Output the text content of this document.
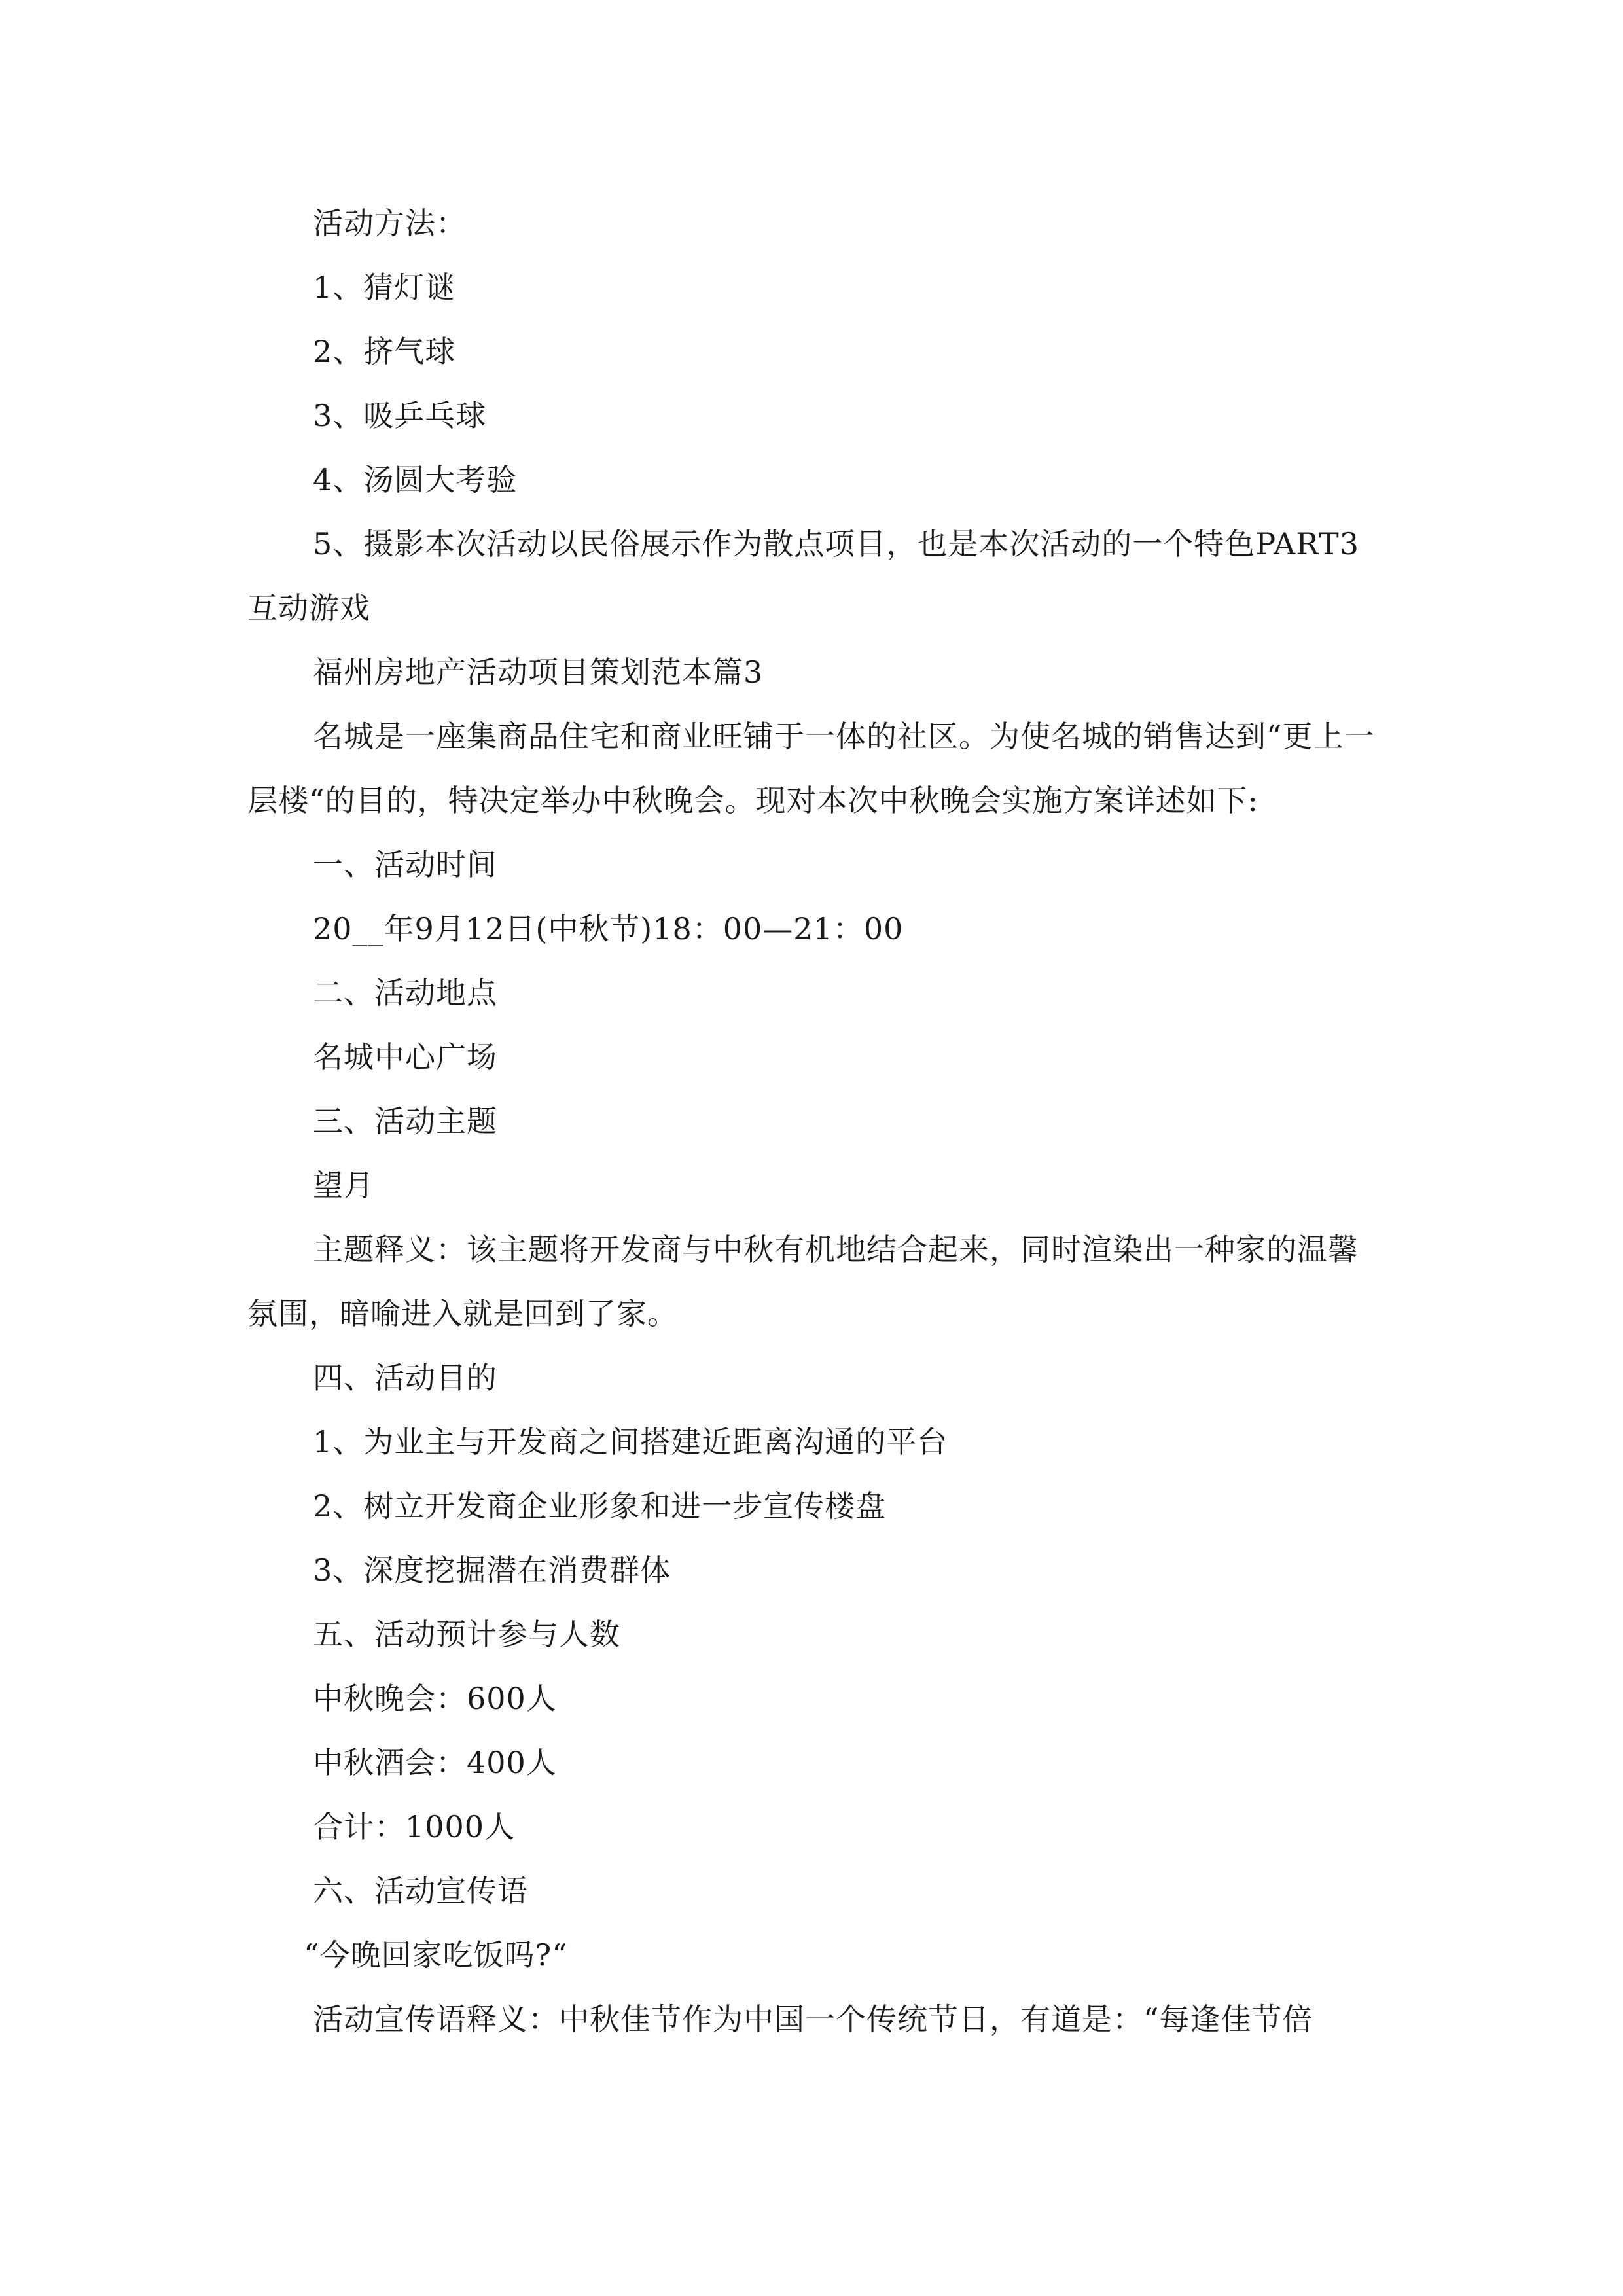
活动方法：

1、猜灯谜

2、挤气球

3、吸乒乓球

4、汤圆大考验

5、摄影本次活动以民俗展示作为散点项目，也是本次活动的一个特色PART3互动游戏

福州房地产活动项目策划范本篇3

名城是一座集商品住宅和商业旺铺于一体的社区。为使名城的销售达到“更上一层楼“的目的，特决定举办中秋晚会。现对本次中秋晚会实施方案详述如下:

一、活动时间

20__年9月12日(中秋节)18：00—21：00

二、活动地点

名城中心广场

三、活动主题

望月

主题释义：该主题将开发商与中秋有机地结合起来，同时渲染出一种家的温馨氛围，暗喻进入就是回到了家。

四、活动目的

1、为业主与开发商之间搭建近距离沟通的平台

2、树立开发商企业形象和进一步宣传楼盘

3、深度挖掘潜在消费群体

五、活动预计参与人数

中秋晚会：600人

中秋酒会：400人

合计：1000人

六、活动宣传语

“今晚回家吃饭吗?“

活动宣传语释义：中秋佳节作为中国一个传统节日，有道是：“每逢佳节倍
